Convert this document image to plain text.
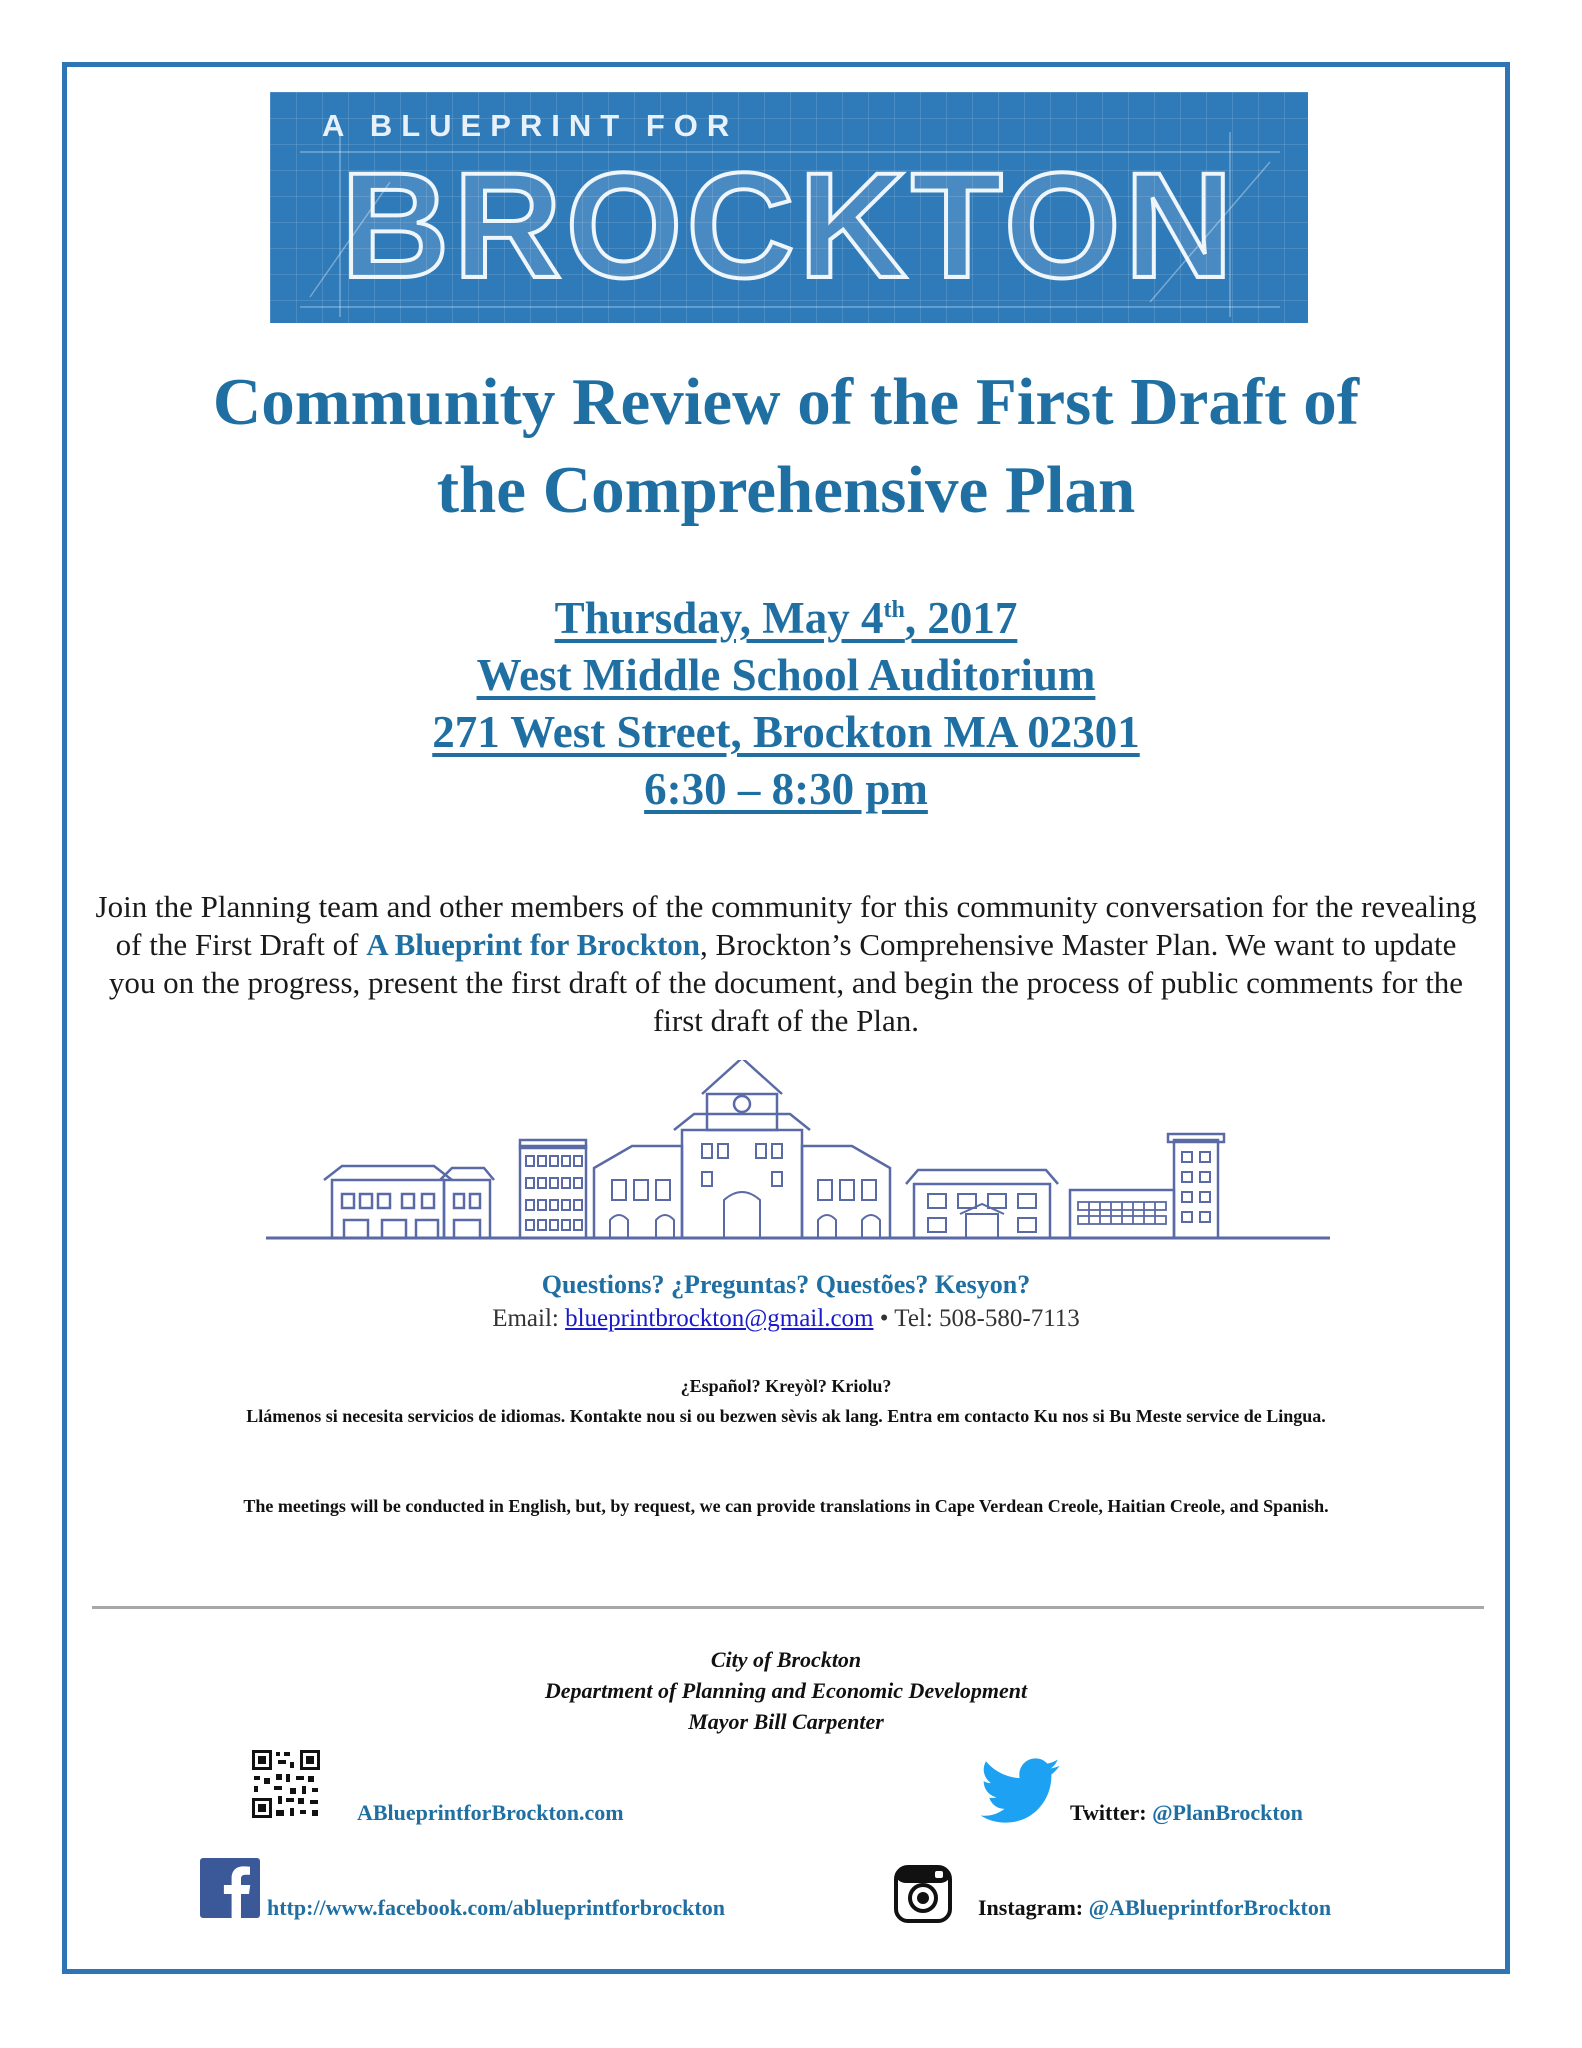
A BLUEPRINT FOR
BROCKTON
Community Review of the First Draft of
the Comprehensive Plan
Thursday, May 4th, 2017
West Middle School Auditorium
271 West Street, Brockton MA 02301
6:30 – 8:30 pm

Join the Planning team and other members of the community for this community conversation for the revealing of the First Draft of A Blueprint for Brockton, Brockton’s Comprehensive Master Plan. We want to update you on the progress, present the first draft of the document, and begin the process of public comments for the first draft of the Plan.

Questions? ¿Preguntas? Questões? Kesyon?
Email: blueprintbrockton@gmail.com • Tel: 508-580-7113
¿Español? Kreyòl? Kriolu?
Llámenos si necesita servicios de idiomas. Kontakte nou si ou bezwen sèvis ak lang. Entra em contacto Ku nos si Bu Meste service de Lingua.
The meetings will be conducted in English, but, by request, we can provide translations in Cape Verdean Creole, Haitian Creole, and Spanish.
City of Brockton
Department of Planning and Economic Development
Mayor Bill Carpenter
ABlueprintforBrockton.com	Twitter: @PlanBrockton
http://www.facebook.com/ablueprintforbrockton	Instagram: @ABlueprintforBrockton
